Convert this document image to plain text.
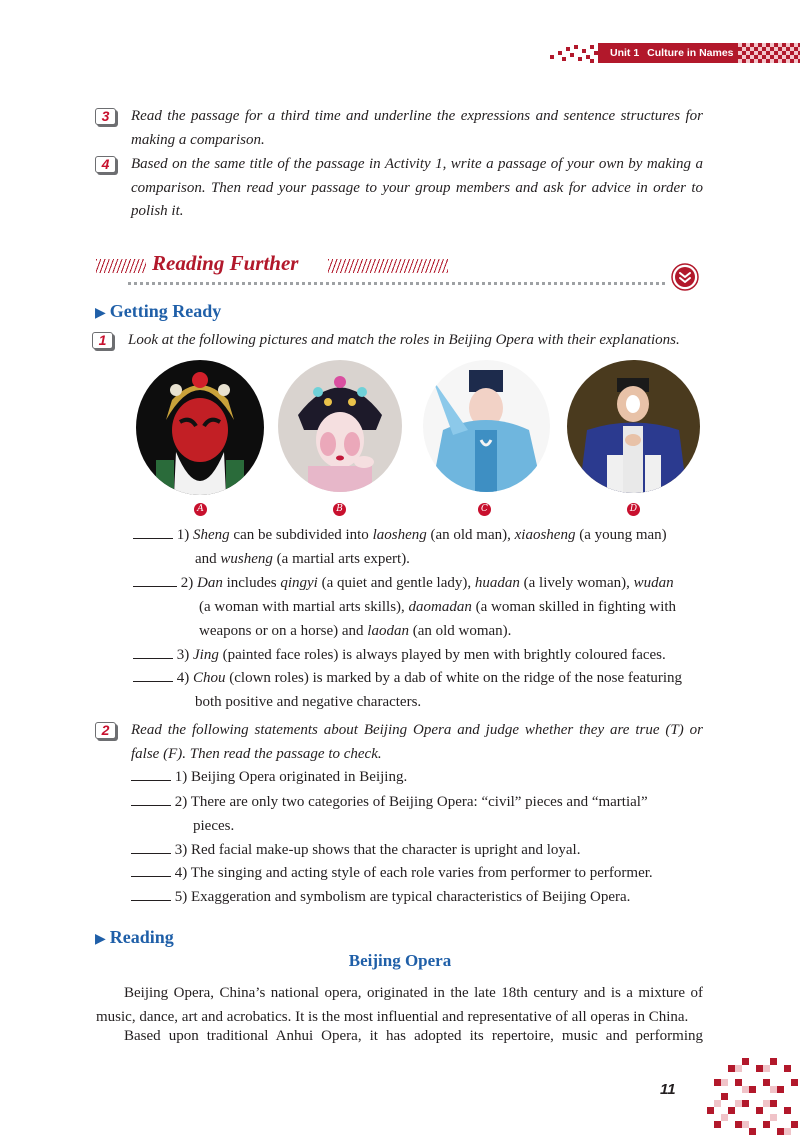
Unit 1 Culture in Names
3	Read the passage for a third time and underline the expressions and sentence structures for making a comparison.
4	Based on the same title of the passage in Activity 1, write a passage of your own by making a comparison. Then read your passage to your group members and ask for advice in order to polish it.
Reading Further
▶ Getting Ready
1	Look at the following pictures and match the roles in Beijing Opera with their explanations.
A	B	C	D
1) Sheng can be subdivided into laosheng (an old man), xiaosheng (a young man)
and wusheng (a martial arts expert).
2) Dan includes qingyi (a quiet and gentle lady), huadan (a lively woman), wudan
(a woman with martial arts skills), daomadan (a woman skilled in fighting with
weapons or on a horse) and laodan (an old woman).
3) Jing (painted face roles) is always played by men with brightly coloured faces.
4) Chou (clown roles) is marked by a dab of white on the ridge of the nose featuring
both positive and negative characters.
2	Read the following statements about Beijing Opera and judge whether they are true (T) or false (F). Then read the passage to check.
1) Beijing Opera originated in Beijing.
2) There are only two categories of Beijing Opera: “civil” pieces and “martial”
pieces.
3) Red facial make-up shows that the character is upright and loyal.
4) The singing and acting style of each role varies from performer to performer.
5) Exaggeration and symbolism are typical characteristics of Beijing Opera.
▶ Reading
Beijing Opera
Beijing Opera, China’s national opera, originated in the late 18th century and is a mixture of music, dance, art and acrobatics. It is the most influential and representative of all operas in China.
Based upon traditional Anhui Opera, it has adopted its repertoire, music and performing
11
